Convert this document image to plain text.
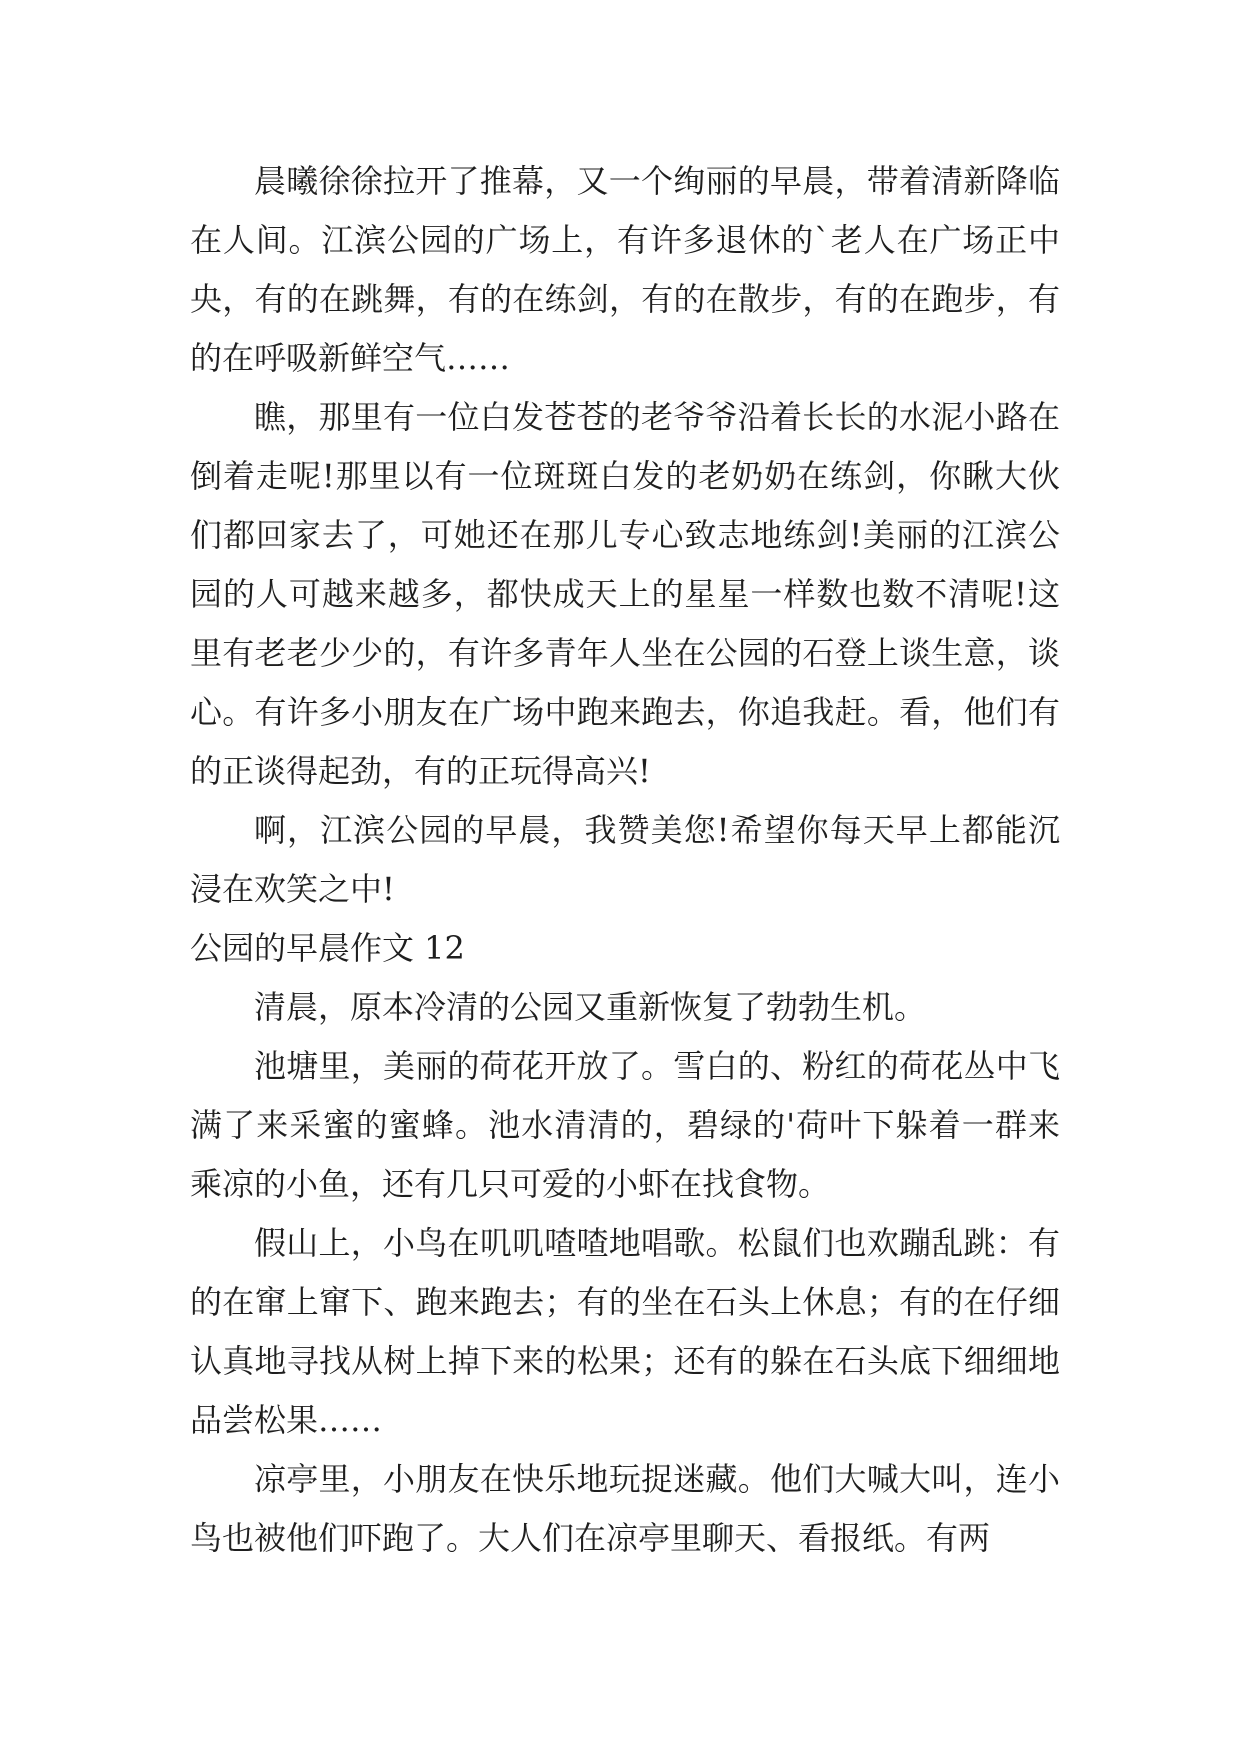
晨曦徐徐拉开了推幕，又一个绚丽的早晨，带着清新降临在人间。江滨公园的广场上，有许多退休的`老人在广场正中央，有的在跳舞，有的在练剑，有的在散步，有的在跑步，有的在呼吸新鲜空气……

瞧，那里有一位白发苍苍的老爷爷沿着长长的水泥小路在倒着走呢!那里以有一位斑斑白发的老奶奶在练剑，你瞅大伙们都回家去了，可她还在那儿专心致志地练剑!美丽的江滨公园的人可越来越多，都快成天上的星星一样数也数不清呢!这里有老老少少的，有许多青年人坐在公园的石登上谈生意，谈心。有许多小朋友在广场中跑来跑去，你追我赶。看，他们有的正谈得起劲，有的正玩得高兴!

啊，江滨公园的早晨，我赞美您!希望你每天早上都能沉浸在欢笑之中!

公园的早晨作文 12

清晨，原本冷清的公园又重新恢复了勃勃生机。

池塘里，美丽的荷花开放了。雪白的、粉红的荷花丛中飞满了来采蜜的蜜蜂。池水清清的，碧绿的'荷叶下躲着一群来乘凉的小鱼，还有几只可爱的小虾在找食物。

假山上，小鸟在叽叽喳喳地唱歌。松鼠们也欢蹦乱跳：有的在窜上窜下、跑来跑去；有的坐在石头上休息；有的在仔细认真地寻找从树上掉下来的松果；还有的躲在石头底下细细地品尝松果……

凉亭里，小朋友在快乐地玩捉迷藏。他们大喊大叫，连小鸟也被他们吓跑了。大人们在凉亭里聊天、看报纸。有两
